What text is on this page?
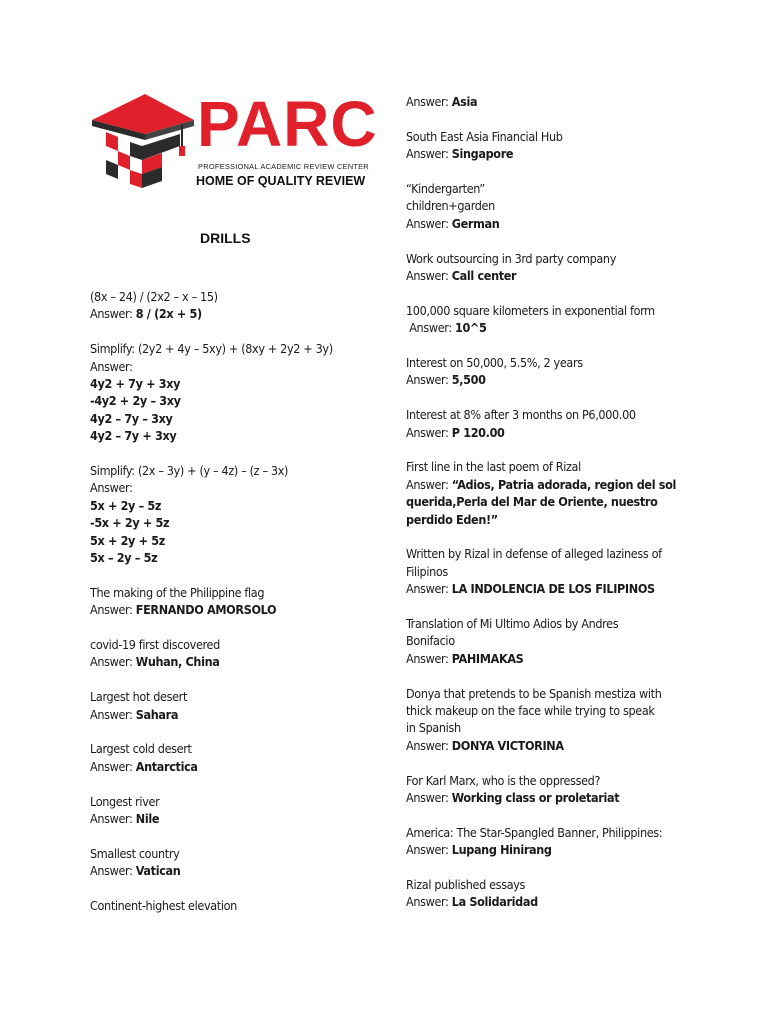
PARC
PROFESSIONAL ACADEMIC REVIEW CENTER
HOME OF QUALITY REVIEW
DRILLS
(8x – 24) / (2x2 – x – 15)
Answer: 8 / (2x + 5)
Simplify: (2y2 + 4y – 5xy) + (8xy + 2y2 + 3y)
Answer:
4y2 + 7y + 3xy
-4y2 + 2y – 3xy
4y2 – 7y – 3xy
4y2 – 7y + 3xy
Simplify: (2x – 3y) + (y – 4z) – (z – 3x)
Answer:
5x + 2y – 5z
-5x + 2y + 5z
5x + 2y + 5z
5x – 2y – 5z
The making of the Philippine flag
Answer: FERNANDO AMORSOLO
covid-19 first discovered
Answer: Wuhan, China
Largest hot desert
Answer: Sahara
Largest cold desert
Answer: Antarctica
Longest river
Answer: Nile
Smallest country
Answer: Vatican
Continent-highest elevation
Answer: Asia
South East Asia Financial Hub
Answer: Singapore
“Kindergarten”
children+garden
Answer: German
Work outsourcing in 3rd party company
Answer: Call center
100,000 square kilometers in exponential form
Answer: 10^5
Interest on 50,000, 5.5%, 2 years
Answer: 5,500
Interest at 8% after 3 months on P6,000.00
Answer: P 120.00
First line in the last poem of Rizal
Answer: “Adios, Patria adorada, region del sol
querida,Perla del Mar de Oriente, nuestro
perdido Eden!”
Written by Rizal in defense of alleged laziness of
Filipinos
Answer: LA INDOLENCIA DE LOS FILIPINOS
Translation of Mi Ultimo Adios by Andres
Bonifacio
Answer: PAHIMAKAS
Donya that pretends to be Spanish mestiza with
thick makeup on the face while trying to speak
in Spanish
Answer: DONYA VICTORINA
For Karl Marx, who is the oppressed?
Answer: Working class or proletariat
America: The Star-Spangled Banner, Philippines:
Answer: Lupang Hinirang
Rizal published essays
Answer: La Solidaridad
